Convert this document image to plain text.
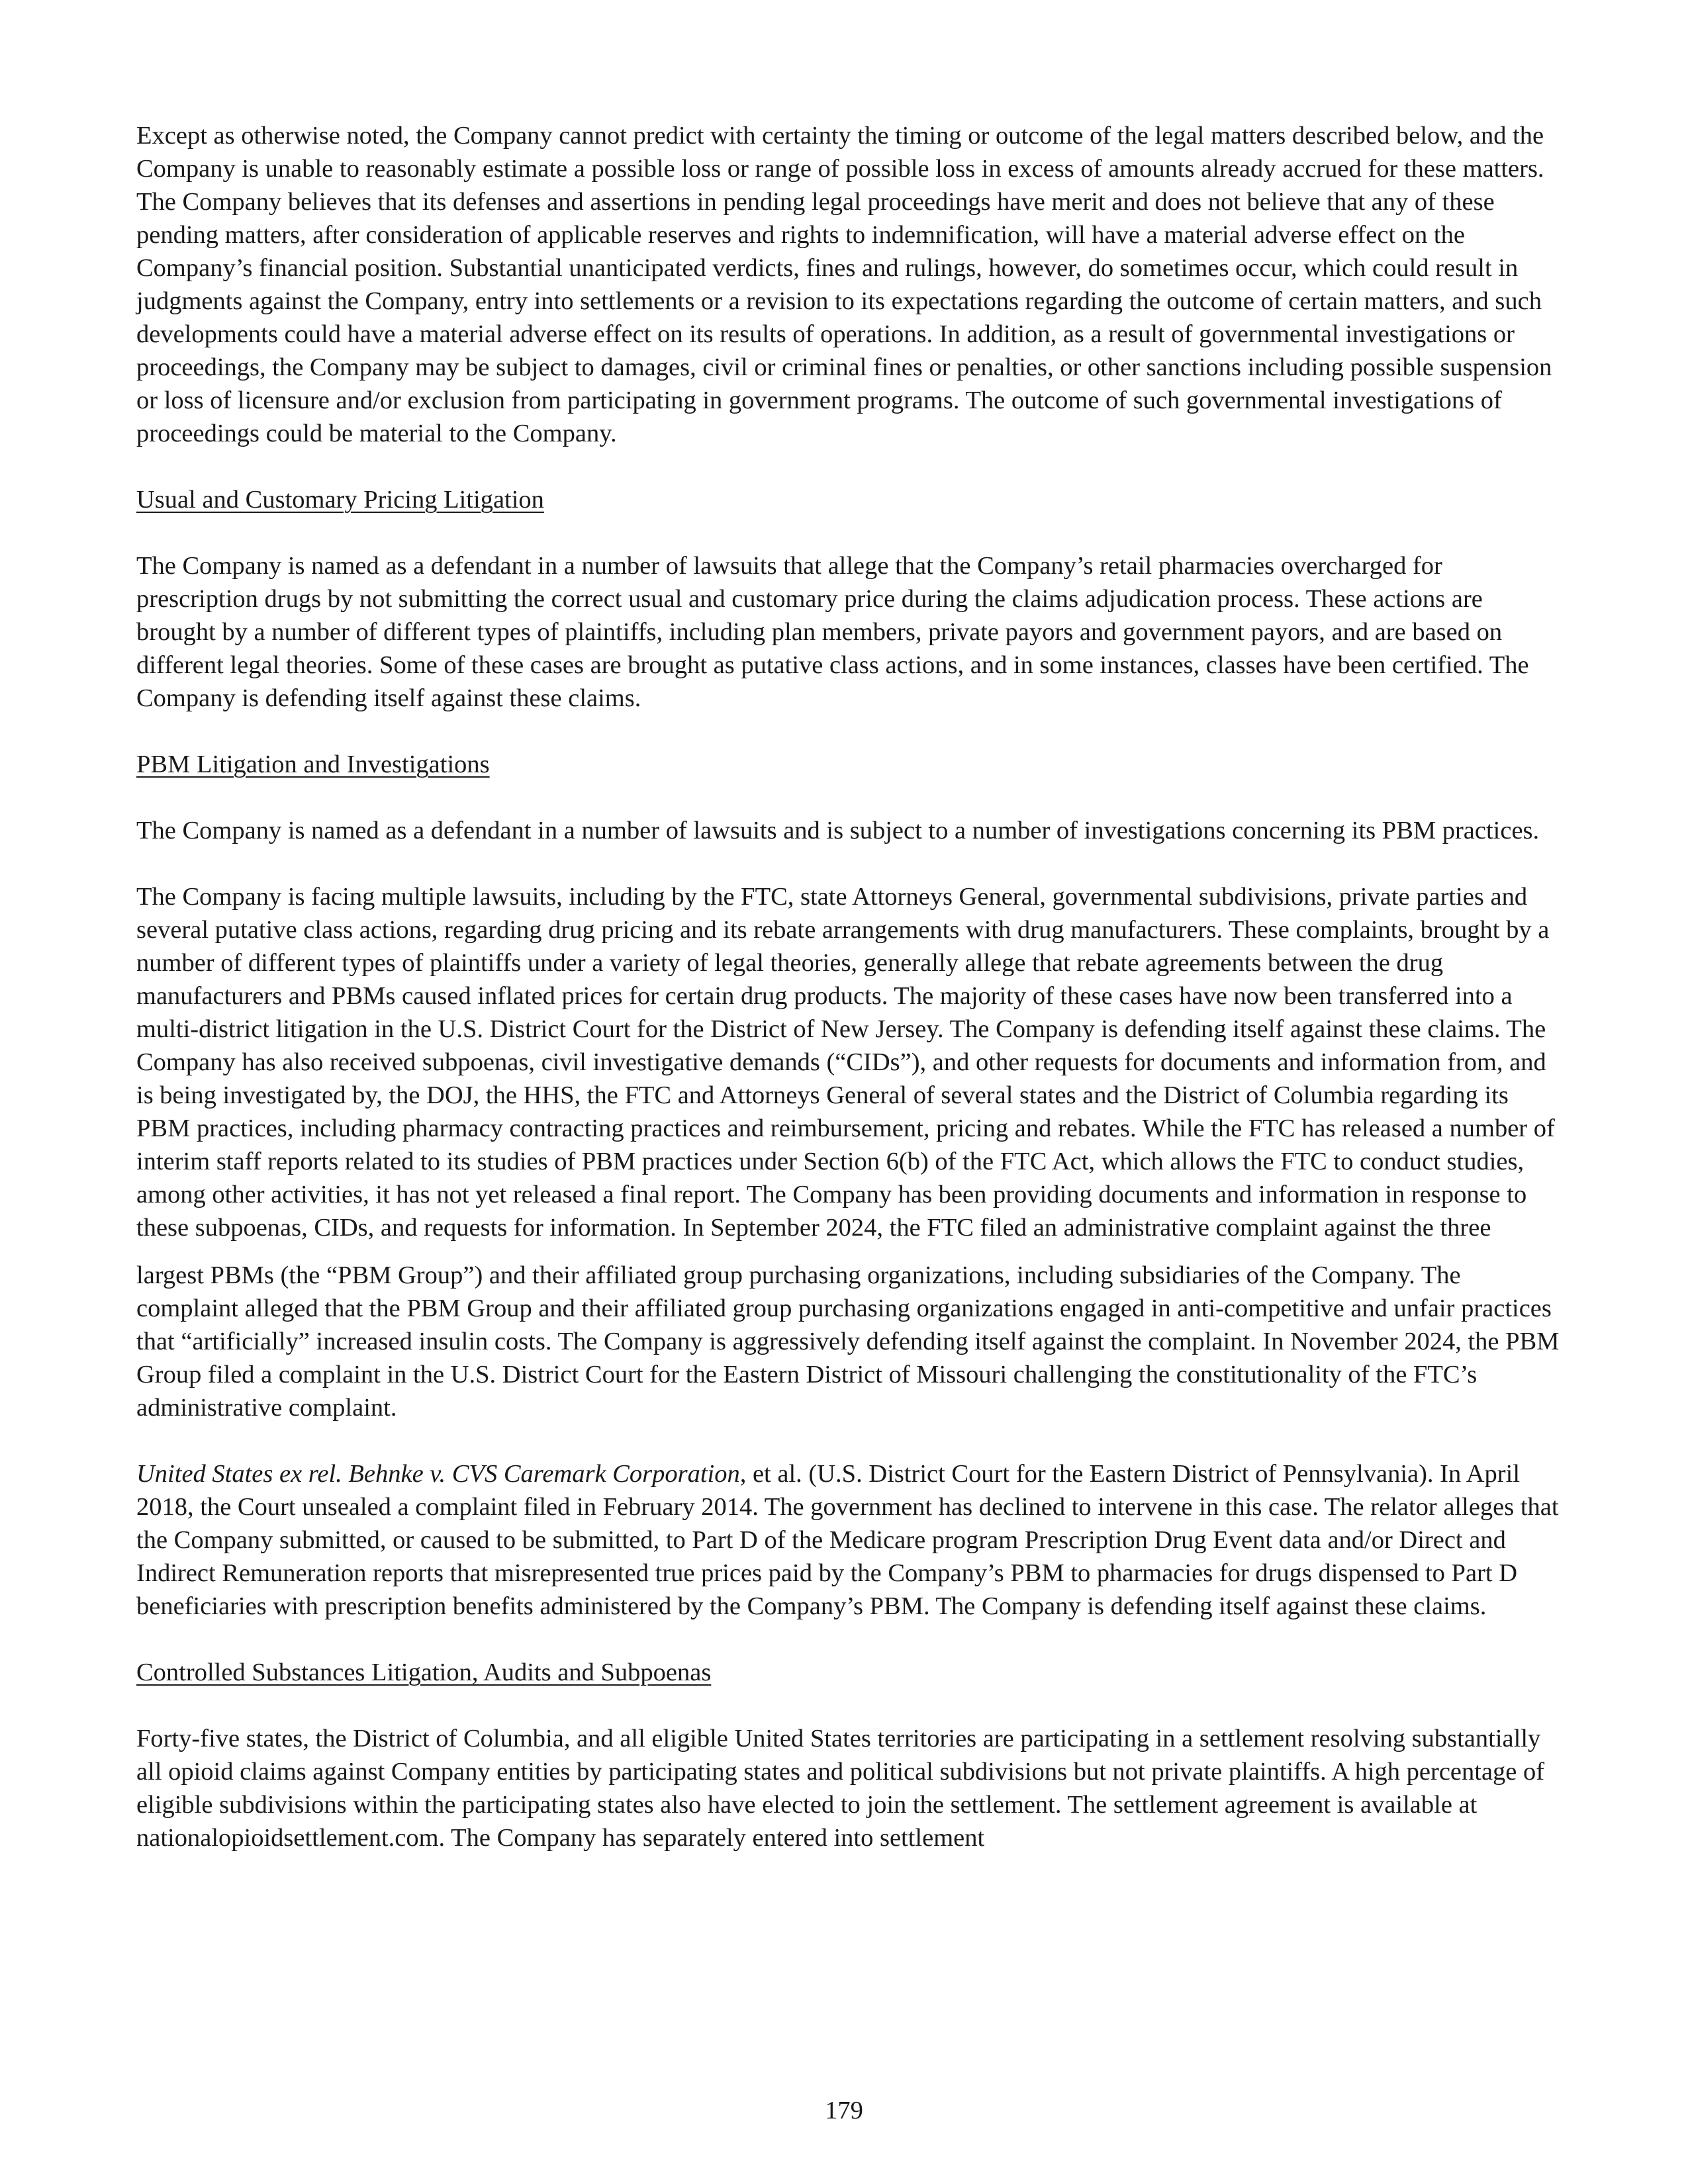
Except as otherwise noted, the Company cannot predict with certainty the timing or outcome of the legal matters described below, and the Company is unable to reasonably estimate a possible loss or range of possible loss in excess of amounts already accrued for these matters. The Company believes that its defenses and assertions in pending legal proceedings have merit and does not believe that any of these pending matters, after consideration of applicable reserves and rights to indemnification, will have a material adverse effect on the Company’s financial position. Substantial unanticipated verdicts, fines and rulings, however, do sometimes occur, which could result in judgments against the Company, entry into settlements or a revision to its expectations regarding the outcome of certain matters, and such developments could have a material adverse effect on its results of operations. In addition, as a result of governmental investigations or proceedings, the Company may be subject to damages, civil or criminal fines or penalties, or other sanctions including possible suspension or loss of licensure and/or exclusion from participating in government programs. The outcome of such governmental investigations of proceedings could be material to the Company.

Usual and Customary Pricing Litigation

The Company is named as a defendant in a number of lawsuits that allege that the Company’s retail pharmacies overcharged for prescription drugs by not submitting the correct usual and customary price during the claims adjudication process. These actions are brought by a number of different types of plaintiffs, including plan members, private payors and government payors, and are based on different legal theories. Some of these cases are brought as putative class actions, and in some instances, classes have been certified. The Company is defending itself against these claims.

PBM Litigation and Investigations

The Company is named as a defendant in a number of lawsuits and is subject to a number of investigations concerning its PBM practices.

The Company is facing multiple lawsuits, including by the FTC, state Attorneys General, governmental subdivisions, private parties and several putative class actions, regarding drug pricing and its rebate arrangements with drug manufacturers. These complaints, brought by a number of different types of plaintiffs under a variety of legal theories, generally allege that rebate agreements between the drug manufacturers and PBMs caused inflated prices for certain drug products. The majority of these cases have now been transferred into a multi-district litigation in the U.S. District Court for the District of New Jersey. The Company is defending itself against these claims. The Company has also received subpoenas, civil investigative demands (“CIDs”), and other requests for documents and information from, and is being investigated by, the DOJ, the HHS, the FTC and Attorneys General of several states and the District of Columbia regarding its PBM practices, including pharmacy contracting practices and reimbursement, pricing and rebates. While the FTC has released a number of interim staff reports related to its studies of PBM practices under Section 6(b) of the FTC Act, which allows the FTC to conduct studies, among other activities, it has not yet released a final report. The Company has been providing documents and information in response to these subpoenas, CIDs, and requests for information. In September 2024, the FTC filed an administrative complaint against the three

largest PBMs (the “PBM Group”) and their affiliated group purchasing organizations, including subsidiaries of the Company. The complaint alleged that the PBM Group and their affiliated group purchasing organizations engaged in anti-competitive and unfair practices that “artificially” increased insulin costs. The Company is aggressively defending itself against the complaint. In November 2024, the PBM Group filed a complaint in the U.S. District Court for the Eastern District of Missouri challenging the constitutionality of the FTC’s administrative complaint.

United States ex rel. Behnke v. CVS Caremark Corporation, et al. (U.S. District Court for the Eastern District of Pennsylvania). In April 2018, the Court unsealed a complaint filed in February 2014. The government has declined to intervene in this case. The relator alleges that the Company submitted, or caused to be submitted, to Part D of the Medicare program Prescription Drug Event data and/or Direct and Indirect Remuneration reports that misrepresented true prices paid by the Company’s PBM to pharmacies for drugs dispensed to Part D beneficiaries with prescription benefits administered by the Company’s PBM. The Company is defending itself against these claims.

Controlled Substances Litigation, Audits and Subpoenas

Forty-five states, the District of Columbia, and all eligible United States territories are participating in a settlement resolving substantially all opioid claims against Company entities by participating states and political subdivisions but not private plaintiffs. A high percentage of eligible subdivisions within the participating states also have elected to join the settlement. The settlement agreement is available at nationalopioidsettlement.com. The Company has separately entered into settlement

179
